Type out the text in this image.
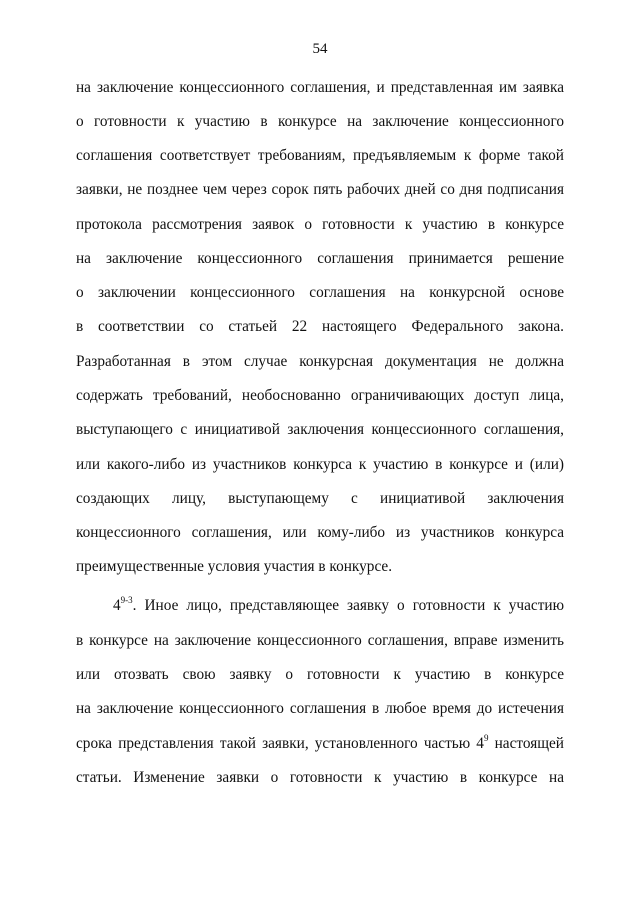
54
на заключение концессионного соглашения, и представленная им заявка
о готовности к участию в конкурсе на заключение концессионного
соглашения соответствует требованиям, предъявляемым к форме такой
заявки, не позднее чем через сорок пять рабочих дней со дня подписания
протокола рассмотрения заявок о готовности к участию в конкурсе
на заключение концессионного соглашения принимается решение
о заключении концессионного соглашения на конкурсной основе
в соответствии со статьей 22 настоящего Федерального закона.
Разработанная в этом случае конкурсная документация не должна
содержать требований, необоснованно ограничивающих доступ лица,
выступающего с инициативой заключения концессионного соглашения,
или какого-либо из участников конкурса к участию в конкурсе и (или)
создающих лицу, выступающему с инициативой заключения
концессионного соглашения, или кому-либо из участников конкурса
преимущественные условия участия в конкурсе.
4$^{9-3}$. Иное лицо, представляющее заявку о готовности к участию
в конкурсе на заключение концессионного соглашения, вправе изменить
или отозвать свою заявку о готовности к участию в конкурсе
на заключение концессионного соглашения в любое время до истечения
срока представления такой заявки, установленного частью $4^9$ настоящей
статьи. Изменение заявки о готовности к участию в конкурсе на
